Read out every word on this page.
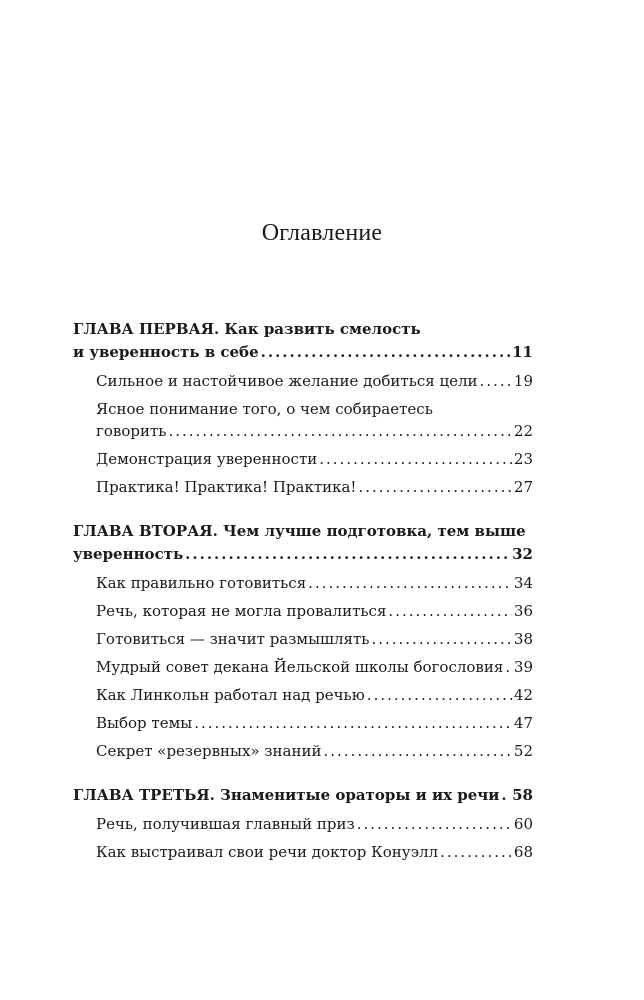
Оглавление
ГЛАВА ПЕРВАЯ. Как развить смелость
и уверенность в себе .....	11
Сильное и настойчивое желание добиться цели ..... 19
Ясное понимание того, о чем собираетесь
говорить .....	22
Демонстрация уверенности .....	23
Практика! Практика! Практика! .....	27
ГЛАВА ВТОРАЯ. Чем лучше подготовка, тем выше
уверенность .....	32
Как правильно готовиться .....	34
Речь, которая не могла провалиться .....	36
Готовиться — значит размышлять .....	38
Мудрый совет декана Йельской школы богословия ..... 39
Как Линкольн работал над речью .....	42
Выбор темы .....	47
Секрет «резервных» знаний .....	52
ГЛАВА ТРЕТЬЯ. Знаменитые ораторы и их речи ..... 58
Речь, получившая главный приз .....	60
Как выстраивал свои речи доктор Конуэлл .....	68
